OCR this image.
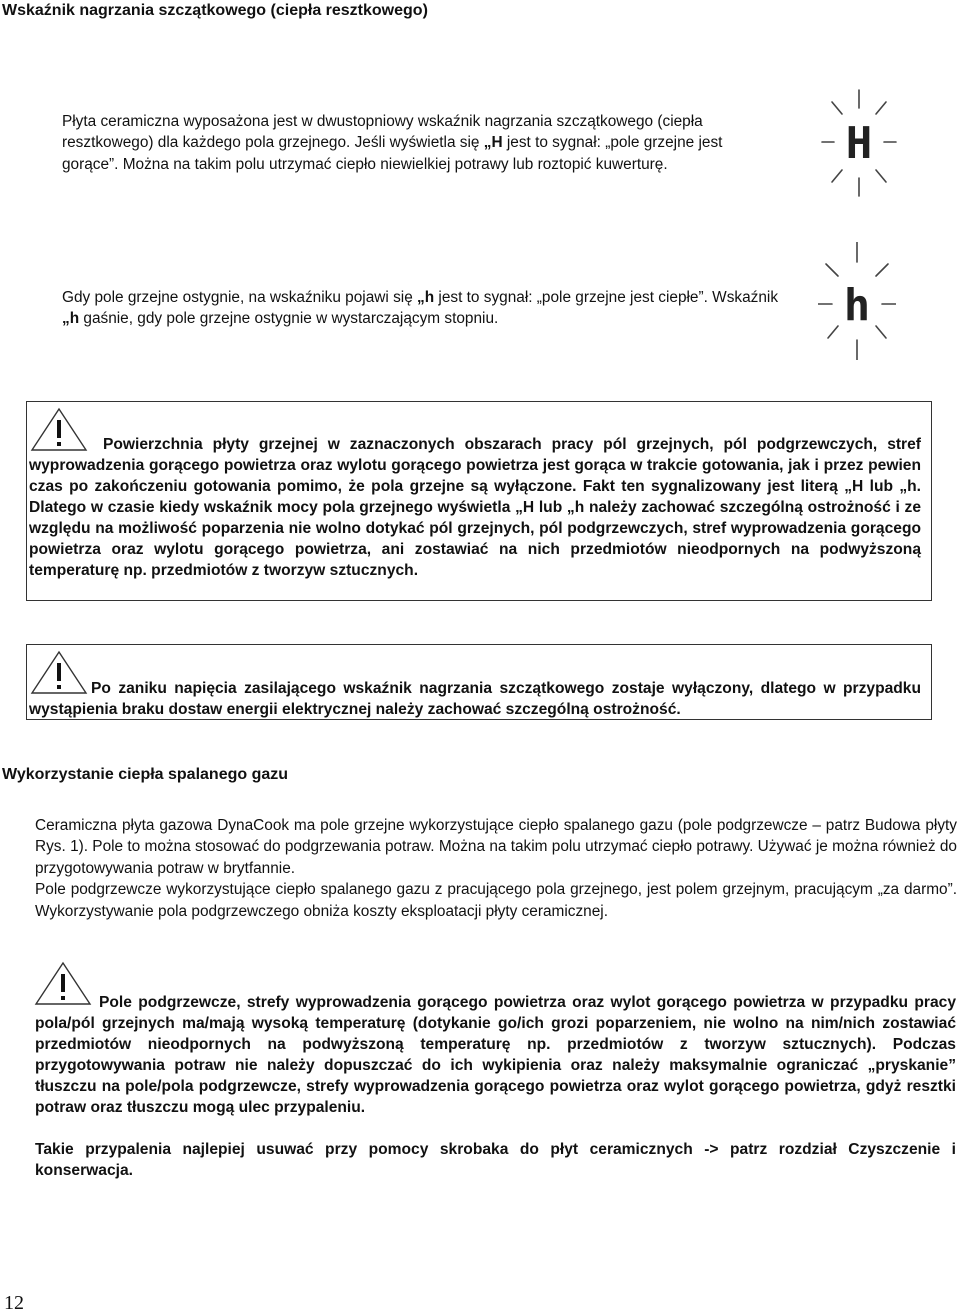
Wskaźnik nagrzania szczątkowego (ciepła resztkowego)

Płyta ceramiczna wyposażona jest w dwustopniowy wskaźnik nagrzania szczątkowego (ciepła resztkowego) dla każdego pola grzejnego. Jeśli wyświetla się „H jest to sygnał: „pole grzejne jest gorące”. Można na takim polu utrzymać ciepło niewielkiej potrawy lub roztopić kuwerturę.	H

Gdy pole grzejne ostygnie, na wskaźniku pojawi się „h jest to sygnał: „pole grzejne jest ciepłe”. Wskaźnik „h gaśnie, gdy pole grzejne ostygnie w wystarczającym stopniu.	h
Powierzchnia płyty grzejnej w zaznaczonych obszarach pracy pól grzejnych, pól podgrzewczych, stref wyprowadzenia gorącego powietrza oraz wylotu gorącego powietrza jest gorąca w trakcie gotowania, jak i przez pewien czas po zakończeniu gotowania pomimo, że pola grzejne są wyłączone. Fakt ten sygnalizowany jest literą „H lub „h. Dlatego w czasie kiedy wskaźnik mocy pola grzejnego wyświetla „H lub „h należy zachować szczególną ostrożność i ze względu na możliwość poparzenia nie wolno dotykać pól grzejnych, pól podgrzewczych, stref wyprowadzenia gorącego powietrza oraz wylotu gorącego powietrza, ani zostawiać na nich przedmiotów nieodpornych na podwyższoną temperaturę np. przedmiotów z tworzyw sztucznych.
Po zaniku napięcia zasilającego wskaźnik nagrzania szczątkowego zostaje wyłączony, dlatego w przypadku wystąpienia braku dostaw energii elektrycznej należy zachować szczególną ostrożność.
Wykorzystanie ciepła spalanego gazu

Ceramiczna płyta gazowa DynaCook ma pole grzejne wykorzystujące ciepło spalanego gazu (pole podgrzewcze – patrz Budowa płyty Rys. 1). Pole to można stosować do podgrzewania potraw. Można na takim polu utrzymać ciepło potrawy. Używać je można również do przygotowywania potraw w brytfannie.

Pole podgrzewcze wykorzystujące ciepło spalanego gazu z pracującego pola grzejnego, jest polem grzejnym, pracującym „za darmo”. Wykorzystywanie pola podgrzewczego obniża koszty eksploatacji płyty ceramicznej.

Pole podgrzewcze, strefy wyprowadzenia gorącego powietrza oraz wylot gorącego powietrza w przypadku pracy pola/pól grzejnych ma/mają wysoką temperaturę (dotykanie go/ich grozi poparzeniem, nie wolno na nim/nich zostawiać przedmiotów nieodpornych na podwyższoną temperaturę np. przedmiotów z tworzyw sztucznych). Podczas przygotowywania potraw nie należy dopuszczać do ich wykipienia oraz należy maksymalnie ograniczać „pryskanie” tłuszczu na pole/pola podgrzewcze, strefy wyprowadzenia gorącego powietrza oraz wylot gorącego powietrza, gdyż resztki potraw oraz tłuszczu mogą ulec przypaleniu.
Takie przypalenia najlepiej usuwać przy pomocy skrobaka do płyt ceramicznych -> patrz rozdział Czyszczenie i konserwacja.
12
